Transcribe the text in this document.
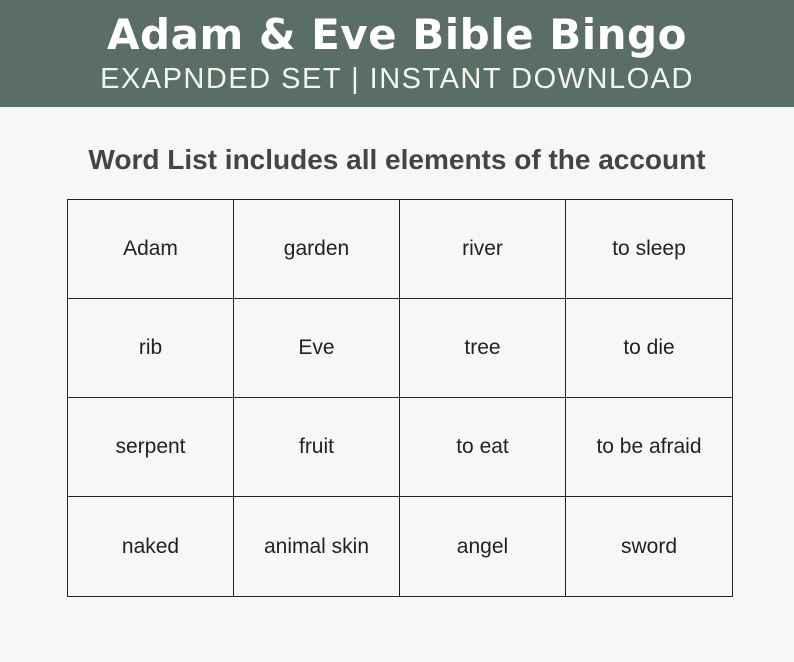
Adam & Eve Bible Bingo
EXAPNDED SET | INSTANT DOWNLOAD
Word List includes all elements of the account
Adam	garden	river	to sleep
rib	Eve	tree	to die
serpent	fruit	to eat	to be afraid
naked	animal skin	angel	sword
